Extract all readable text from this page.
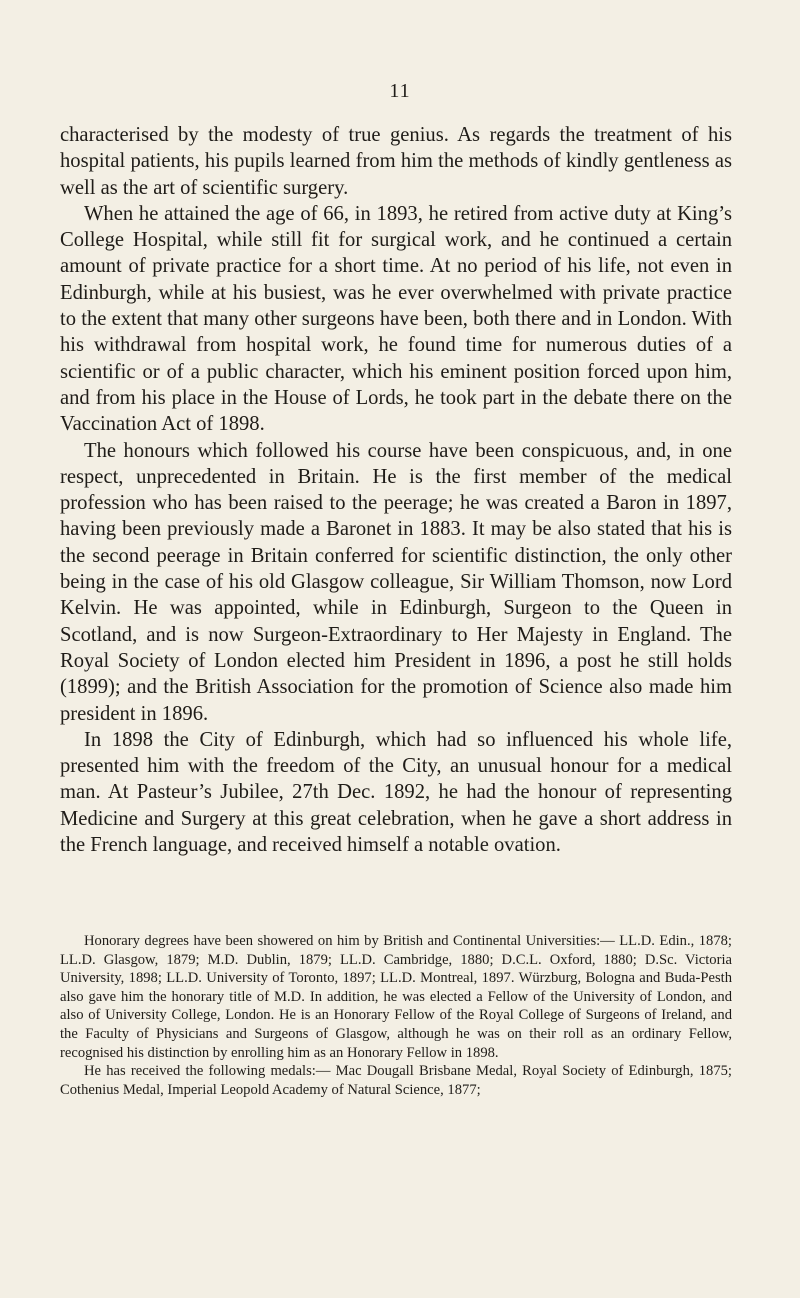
11

characterised by the modesty of true genius. As regards the treatment of his hospital patients, his pupils learned from him the methods of kindly gentleness as well as the art of scientific surgery.

When he attained the age of 66, in 1893, he retired from active duty at King’s College Hospital, while still fit for surgical work, and he continued a certain amount of private practice for a short time. At no period of his life, not even in Edinburgh, while at his busiest, was he ever overwhelmed with private practice to the extent that many other surgeons have been, both there and in London. With his withdrawal from hospital work, he found time for numerous duties of a scientific or of a public character, which his eminent position forced upon him, and from his place in the House of Lords, he took part in the debate there on the Vaccination Act of 1898.

The honours which followed his course have been conspicuous, and, in one respect, unprecedented in Britain. He is the first member of the medical profession who has been raised to the peerage; he was created a Baron in 1897, having been previously made a Baronet in 1883. It may be also stated that his is the second peerage in Britain conferred for scientific distinction, the only other being in the case of his old Glasgow colleague, Sir William Thomson, now Lord Kelvin. He was appointed, while in Edinburgh, Surgeon to the Queen in Scotland, and is now Surgeon-Extraordinary to Her Majesty in England. The Royal Society of London elected him President in 1896, a post he still holds (1899); and the British Association for the promotion of Science also made him president in 1896.

In 1898 the City of Edinburgh, which had so influenced his whole life, presented him with the freedom of the City, an unusual honour for a medical man. At Pasteur’s Jubilee, 27th Dec. 1892, he had the honour of representing Medicine and Surgery at this great celebration, when he gave a short address in the French language, and received himself a notable ovation.

Honorary degrees have been showered on him by British and Continental Universities:— LL.D. Edin., 1878; LL.D. Glasgow, 1879; M.D. Dublin, 1879; LL.D. Cambridge, 1880; D.C.L. Oxford, 1880; D.Sc. Victoria University, 1898; LL.D. University of Toronto, 1897; LL.D. Montreal, 1897. Würzburg, Bologna and Buda-Pesth also gave him the honorary title of M.D. In addition, he was elected a Fellow of the University of London, and also of University College, London. He is an Honorary Fellow of the Royal College of Surgeons of Ireland, and the Faculty of Physicians and Surgeons of Glasgow, although he was on their roll as an ordinary Fellow, recognised his distinction by enrolling him as an Honorary Fellow in 1898.

He has received the following medals:— Mac Dougall Brisbane Medal, Royal Society of Edinburgh, 1875; Cothenius Medal, Imperial Leopold Academy of Natural Science, 1877;
